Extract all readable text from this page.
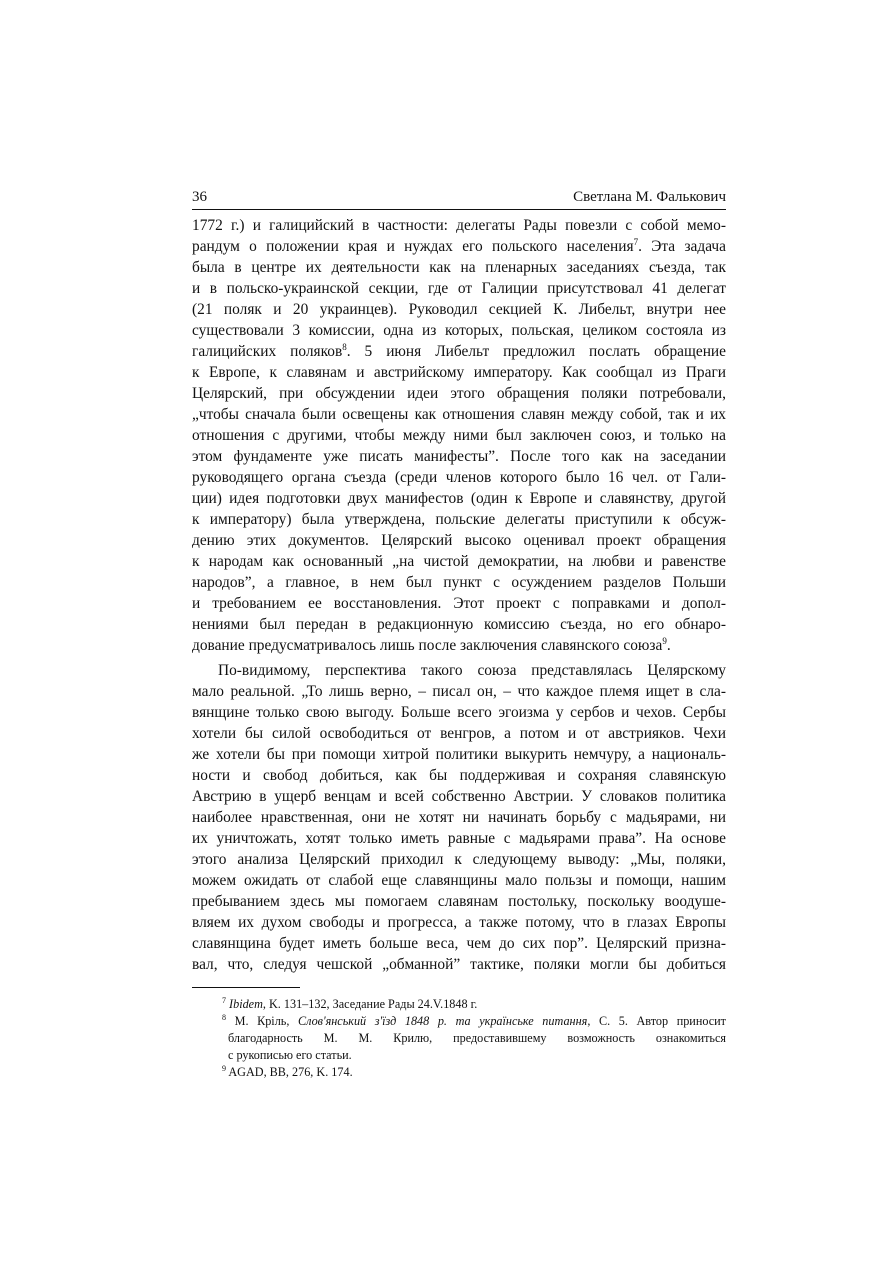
36	Светлана М. Фалькович
1772 г.) и галицийский в частности: делегаты Рады повезли с собой мемо-
рандум о положении края и нуждах его польского населения$^7$. Эта задача
была в центре их деятельности как на пленарных заседаниях съезда, так
и в польско-украинской секции, где от Галиции присутствовал 41 делегат
(21 поляк и 20 украинцев). Руководил секцией К. Либельт, внутри нее
существовали 3 комиссии, одна из которых, польская, целиком состояла из
галицийских поляков$^8$. 5 июня Либельт предложил послать обращение
к Европе, к славянам и австрийскому императору. Как сообщал из Праги
Целярский, при обсуждении идеи этого обращения поляки потребовали,
„чтобы сначала были освещены как отношения славян между собой, так и их
отношения с другими, чтобы между ними был заключен союз, и только на
этом фундаменте уже писать манифесты”. После того как на заседании
руководящего органа съезда (среди членов которого было 16 чел. от Гали-
ции) идея подготовки двух манифестов (один к Европе и славянству, другой
к императору) была утверждена, польские делегаты приступили к обсуж-
дению этих документов. Целярский высоко оценивал проект обращения
к народам как основанный „на чистой демократии, на любви и равенстве
народов”, а главное, в нем был пункт с осуждением разделов Польши
и требованием ее восстановления. Этот проект с поправками и допол-
нениями был передан в редакционную комиссию съезда, но его обнаро-
дование предусматривалось лишь после заключения славянского союза$^9$.
По-видимому, перспектива такого союза представлялась Целярскому
мало реальной. „То лишь верно, – писал он, – что каждое племя ищет в сла-
вянщине только свою выгоду. Больше всего эгоизма у сербов и чехов. Сербы
хотели бы силой освободиться от венгров, а потом и от австрияков. Чехи
же хотели бы при помощи хитрой политики выкурить немчуру, а националь-
ности и свобод добиться, как бы поддерживая и сохраняя славянскую
Австрию в ущерб венцам и всей собственно Австрии. У словаков политика
наиболее нравственная, они не хотят ни начинать борьбу с мадьярами, ни
их уничтожать, хотят только иметь равные с мадьярами права”. На основе
этого анализа Целярский приходил к следующему выводу: „Мы, поляки,
можем ожидать от слабой еще славянщины мало пользы и помощи, нашим
пребыванием здесь мы помогаем славянам постольку, поскольку воодуше-
вляем их духом свободы и прогресса, а также потому, что в глазах Европы
славянщина будет иметь больше веса, чем до сих пор”. Целярский призна-
вал, что, следуя чешской „обманной” тактике, поляки могли бы добиться
$^7$ Ibidem, K. 131–132, Заседание Рады 24.V.1848 г.
$^8$ М. Кріль, Слов'янський з'їзд 1848 р. та українське питання, С. 5. Автор приносит
благодарность М. М. Крилю, предоставившему возможность ознакомиться
с рукописью его статьи.
$^9$ AGAD, BB, 276, K. 174.
